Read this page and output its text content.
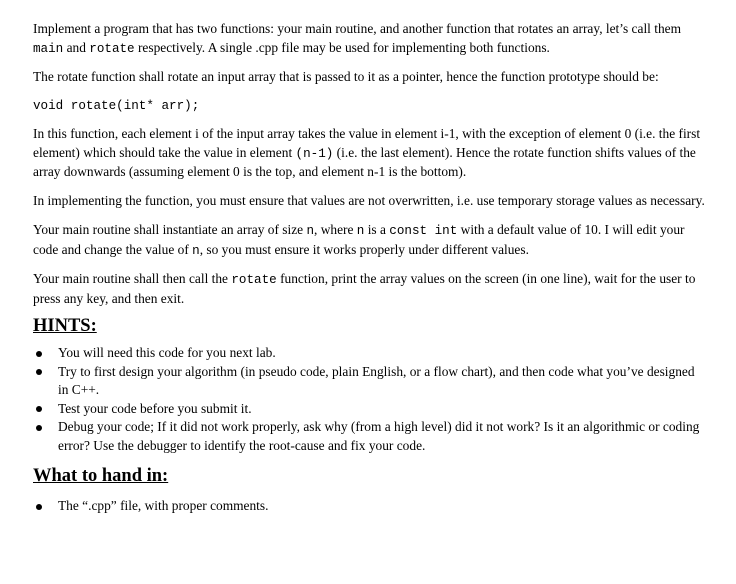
Implement a program that has two functions: your main routine, and another function that rotates an array, let’s call them main and rotate respectively. A single .cpp file may be used for implementing both functions.

The rotate function shall rotate an input array that is passed to it as a pointer, hence the function prototype should be:

void rotate(int* arr);

In this function, each element i of the input array takes the value in element i-1, with the exception of element 0 (i.e. the first element) which should take the value in element (n-1) (i.e. the last element). Hence the rotate function shifts values of the array downwards (assuming element 0 is the top, and element n-1 is the bottom).

In implementing the function, you must ensure that values are not overwritten, i.e. use temporary storage values as necessary.

Your main routine shall instantiate an array of size n, where n is a const int with a default value of 10. I will edit your code and change the value of n, so you must ensure it works properly under different values.

Your main routine shall then call the rotate function, print the array values on the screen (in one line), wait for the user to press any key, and then exit.

HINTS:
You will need this code for you next lab.
Try to first design your algorithm (in pseudo code, plain English, or a flow chart), and then code what you’ve designed in C++.
Test your code before you submit it.
Debug your code; If it did not work properly, ask why (from a high level) did it not work? Is it an algorithmic or coding error? Use the debugger to identify the root-cause and fix your code.
What to hand in:
The “.cpp” file, with proper comments.
